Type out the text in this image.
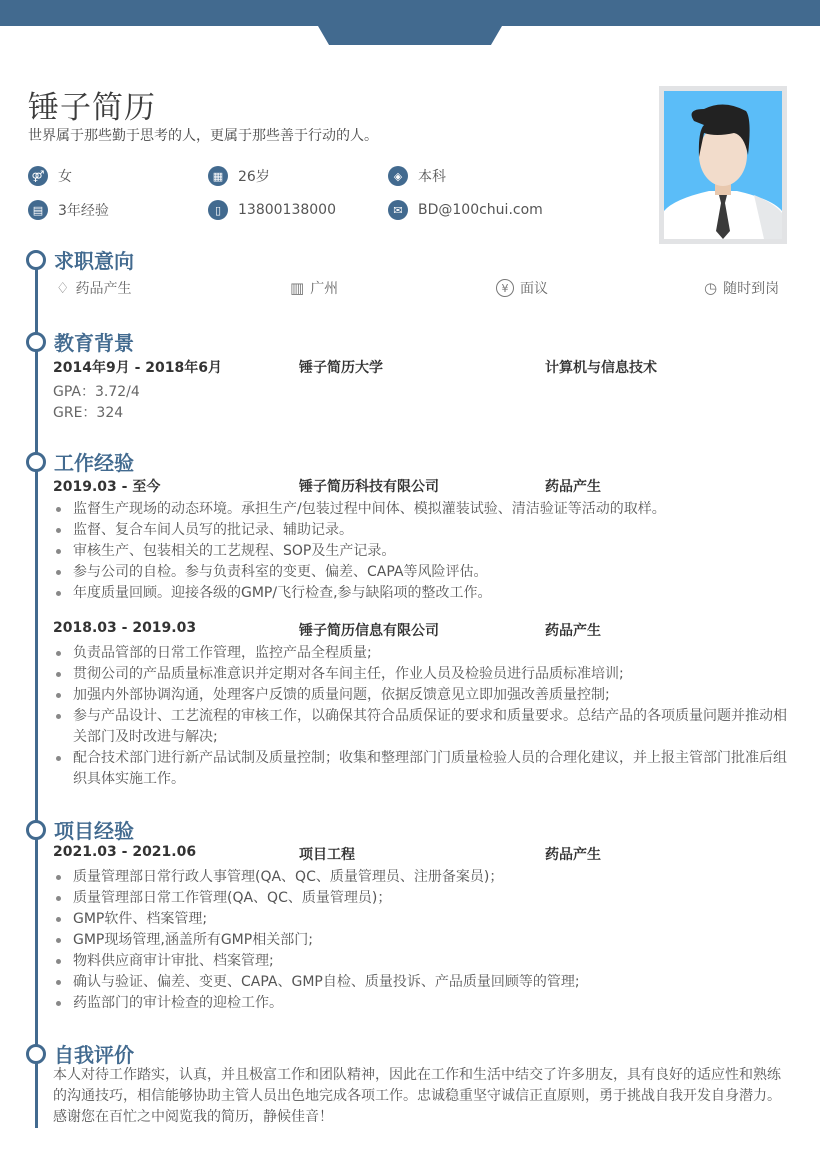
锤子简历
世界属于那些勤于思考的人，更属于那些善于行动的人。
⚤ 女	▦	26岁	◈	本科
▤	3年经验	▯	13800138000	✉	BD@100chui.com
求职意向
♢ 药品产生	▥ 广州	¥ 面议	◷ 随时到岗
教育背景
2014年9月 - 2018年6月	锤子简历大学	计算机与信息技术
GPA：3.72/4
GRE：324
工作经验
2019.03 - 至今	锤子简历科技有限公司	药品产生
监督生产现场的动态环境。承担生产/包装过程中间体、模拟灌装试验、清洁验证等活动的取样。
监督、复合车间人员写的批记录、辅助记录。
审核生产、包装相关的工艺规程、SOP及生产记录。
参与公司的自检。参与负责科室的变更、偏差、CAPA等风险评估。
年度质量回顾。迎接各级的GMP/飞行检查,参与缺陷项的整改工作。
2018.03 - 2019.03	锤子简历信息有限公司	药品产生
负责品管部的日常工作管理，监控产品全程质量;
贯彻公司的产品质量标准意识并定期对各车间主任，作业人员及检验员进行品质标准培训;
加强内外部协调沟通，处理客户反馈的质量问题，依据反馈意见立即加强改善质量控制;
参与产品设计、工艺流程的审核工作，以确保其符合品质保证的要求和质量要求。总结产品的各项质量问题并推动相关部门及时改进与解决;
配合技术部门进行新产品试制及质量控制；收集和整理部门门质量检验人员的合理化建议，并上报主管部门批准后组织具体实施工作。
项目经验
2021.03 - 2021.06	项目工程	药品产生
质量管理部日常行政人事管理(QA、QC、质量管理员、注册备案员)；
质量管理部日常工作管理(QA、QC、质量管理员)；
GMP软件、档案管理;
GMP现场管理,涵盖所有GMP相关部门;
物料供应商审计审批、档案管理;
确认与验证、偏差、变更、CAPA、GMP自检、质量投诉、产品质量回顾等的管理;
药监部门的审计检查的迎检工作。
自我评价
本人对待工作踏实，认真，并且极富工作和团队精神，因此在工作和生活中结交了许多朋友，具有良好的适应性和熟练的沟通技巧，相信能够协助主管人员出色地完成各项工作。忠诚稳重坚守诚信正直原则，勇于挑战自我开发自身潜力。感谢您在百忙之中阅览我的简历，静候佳音！
